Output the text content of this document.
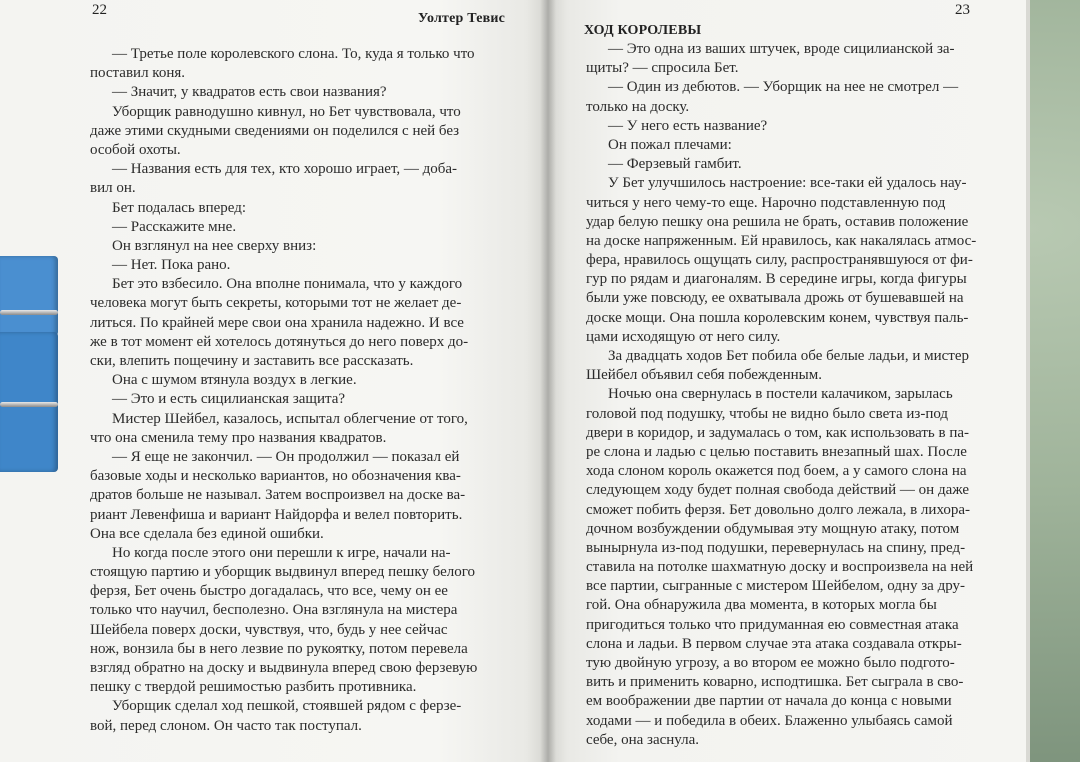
22
Уолтер Тевис
— Третье поле королевского слона. То, куда я только что
поставил коня.
— Значит, у квадратов есть свои названия?
Уборщик равнодушно кивнул, но Бет чувствовала, что
даже этими скудными сведениями он поделился с ней без
особой охоты.
— Названия есть для тех, кто хорошо играет, — доба-
вил он.
Бет подалась вперед:
— Расскажите мне.
Он взглянул на нее сверху вниз:
— Нет. Пока рано.
Бет это взбесило. Она вполне понимала, что у каждого
человека могут быть секреты, которыми тот не желает де-
литься. По крайней мере свои она хранила надежно. И все
же в тот момент ей хотелось дотянуться до него поверх до-
ски, влепить пощечину и заставить все рассказать.
Она с шумом втянула воздух в легкие.
— Это и есть сицилианская защита?
Мистер Шейбел, казалось, испытал облегчение от того,
что она сменила тему про названия квадратов.
— Я еще не закончил. — Он продолжил — показал ей
базовые ходы и несколько вариантов, но обозначения ква-
дратов больше не называл. Затем воспроизвел на доске ва-
риант Левенфиша и вариант Найдорфа и велел повторить.
Она все сделала без единой ошибки.
Но когда после этого они перешли к игре, начали на-
стоящую партию и уборщик выдвинул вперед пешку белого
ферзя, Бет очень быстро догадалась, что все, чему он ее
только что научил, бесполезно. Она взглянула на мистера
Шейбела поверх доски, чувствуя, что, будь у нее сейчас
нож, вонзила бы в него лезвие по рукоятку, потом перевела
взгляд обратно на доску и выдвинула вперед свою ферзевую
пешку с твердой решимостью разбить противника.
Уборщик сделал ход пешкой, стоявшей рядом с ферзе-
вой, перед слоном. Он часто так поступал.
23
ХОД КОРОЛЕВЫ
— Это одна из ваших штучек, вроде сицилианской за-
щиты? — спросила Бет.
— Один из дебютов. — Уборщик на нее не смотрел —
только на доску.
— У него есть название?
Он пожал плечами:
— Ферзевый гамбит.
У Бет улучшилось настроение: все-таки ей удалось нау-
читься у него чему-то еще. Нарочно подставленную под
удар белую пешку она решила не брать, оставив положение
на доске напряженным. Ей нравилось, как накалялась атмос-
фера, нравилось ощущать силу, распространявшуюся от фи-
гур по рядам и диагоналям. В середине игры, когда фигуры
были уже повсюду, ее охватывала дрожь от бушевавшей на
доске мощи. Она пошла королевским конем, чувствуя паль-
цами исходящую от него силу.
За двадцать ходов Бет побила обе белые ладьи, и мистер
Шейбел объявил себя побежденным.
Ночью она свернулась в постели калачиком, зарылась
головой под подушку, чтобы не видно было света из-под
двери в коридор, и задумалась о том, как использовать в па-
ре слона и ладью с целью поставить внезапный шах. После
хода слоном король окажется под боем, а у самого слона на
следующем ходу будет полная свобода действий — он даже
сможет побить ферзя. Бет довольно долго лежала, в лихора-
дочном возбуждении обдумывая эту мощную атаку, потом
вынырнула из-под подушки, перевернулась на спину, пред-
ставила на потолке шахматную доску и воспроизвела на ней
все партии, сыгранные с мистером Шейбелом, одну за дру-
гой. Она обнаружила два момента, в которых могла бы
пригодиться только что придуманная ею совместная атака
слона и ладьи. В первом случае эта атака создавала откры-
тую двойную угрозу, а во втором ее можно было подгото-
вить и применить коварно, исподтишка. Бет сыграла в сво-
ем воображении две партии от начала до конца с новыми
ходами — и победила в обеих. Блаженно улыбаясь самой
себе, она заснула.
